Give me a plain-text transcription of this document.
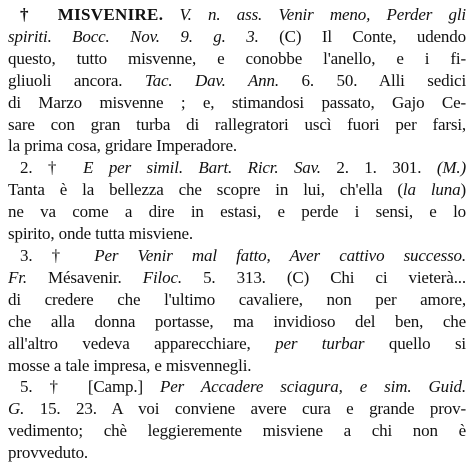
† MISVENIRE. V. n. ass. Venir meno, Perder gli
spiriti. Bocc. Nov. 9. g. 3. (C) Il Conte, udendo
questo, tutto misvenne, e conobbe l'anello, e i fi-
gliuoli ancora. Tac. Dav. Ann. 6. 50. Alli sedici
di Marzo misvenne ; e, stimandosi passato, Gajo Ce-
sare con gran turba di rallegratori uscì fuori per farsi,
la prima cosa, gridare Imperadore.
2. † E per simil. Bart. Ricr. Sav. 2. 1. 301. (M.)
Tanta è la bellezza che scopre in lui, ch'ella (la luna)
ne va come a dire in estasi, e perde i sensi, e lo
spirito, onde tutta misviene.
3. † Per Venir mal fatto, Aver cattivo successo.
Fr. Mésavenir. Filoc. 5. 313. (C) Chi ci vieterà...
di credere che l'ultimo cavaliere, non per amore,
che alla donna portasse, ma invidioso del ben, che
all'altro vedeva apparecchiare, per turbar quello si
mosse a tale impresa, e misvennegli.
5. † [Camp.] Per Accadere sciagura, e sim. Guid.
G. 15. 23. A voi conviene avere cura e grande prov-
vedimento; chè leggieremente misviene a chi non è
provveduto.
